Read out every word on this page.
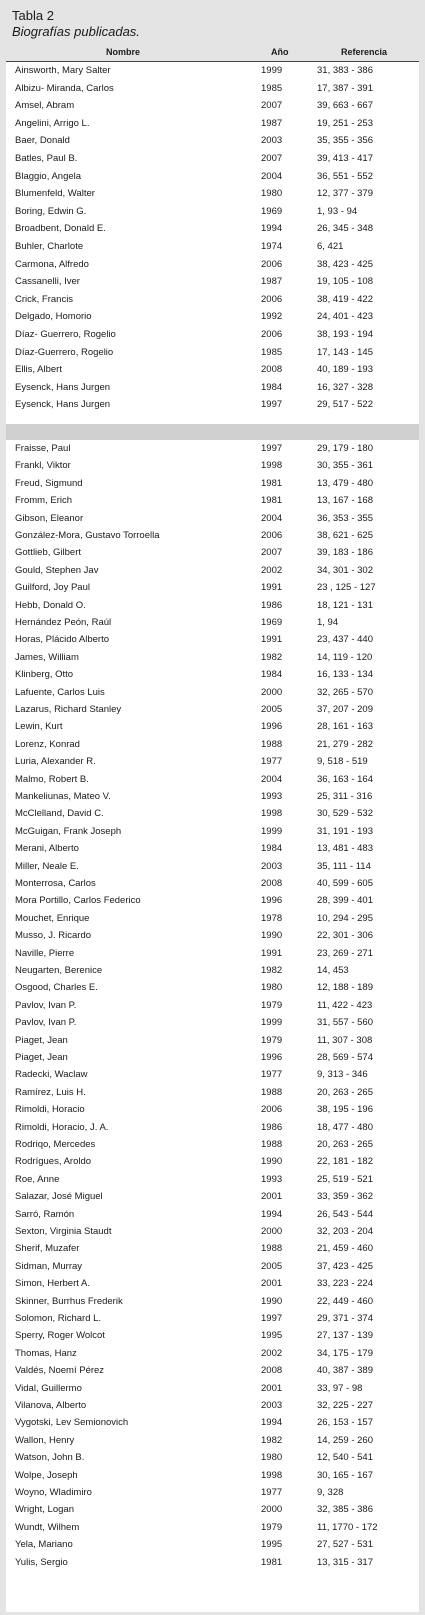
Tabla 2
Biografías publicadas.
Nombre	Año	Referencia
Ainsworth, Mary Salter	1999	31, 383 - 386
Albizu- Miranda, Carlos	1985	17, 387 - 391
Amsel, Abram	2007	39, 663 - 667
Angelini, Arrigo L.	1987	19, 251 - 253
Baer, Donald	2003	35, 355 - 356
Batles, Paul B.	2007	39, 413 - 417
Blaggio, Angela	2004	36, 551 - 552
Blumenfeld, Walter	1980	12, 377 - 379
Boring, Edwin G.	1969	1, 93 - 94
Broadbent, Donald E.	1994	26, 345 - 348
Buhler, Charlote	1974	6, 421
Carmona, Alfredo	2006	38, 423 - 425
Cassanelli, Iver	1987	19, 105 - 108
Crick, Francis	2006	38, 419 - 422
Delgado, Homorio	1992	24, 401 - 423
Díaz- Guerrero, Rogelio	2006	38, 193 - 194
Díaz-Guerrero, Rogelio	1985	17, 143 - 145
Ellis, Albert	2008	40, 189 - 193
Eysenck, Hans Jurgen	1984	16, 327 - 328
Eysenck, Hans Jurgen	1997	29, 517 - 522
Fraisse, Paul	1997	29, 179 - 180
Frankl, Viktor	1998	30, 355 - 361
Freud, Sigmund	1981	13, 479 - 480
Fromm, Erich	1981	13, 167 - 168
Gibson, Eleanor	2004	36, 353 - 355
González-Mora, Gustavo Torroella	2006	38, 621 - 625
Gottlieb, Gilbert	2007	39, 183 - 186
Gould, Stephen Jav	2002	34, 301 - 302
Guilford, Joy Paul	1991	23 , 125 - 127
Hebb, Donald O.	1986	18, 121 - 131
Hernández Peón, Raúl	1969	1, 94
Horas, Plácido Alberto	1991	23, 437 - 440
James, William	1982	14, 119 - 120
Klinberg, Otto	1984	16, 133 - 134
Lafuente, Carlos Luis	2000	32, 265 - 570
Lazarus, Richard Stanley	2005	37, 207 - 209
Lewin, Kurt	1996	28, 161 - 163
Lorenz, Konrad	1988	21, 279 - 282
Luria, Alexander R.	1977	9, 518 - 519
Malmo, Robert B.	2004	36, 163 - 164
Mankeliunas, Mateo V.	1993	25, 311 - 316
McClelland, David C.	1998	30, 529 - 532
McGuigan, Frank Joseph	1999	31, 191 - 193
Merani, Alberto	1984	13, 481 - 483
Miller, Neale E.	2003	35, 111 - 114
Monterrosa, Carlos	2008	40, 599 - 605
Mora Portillo, Carlos Federico	1996	28, 399 - 401
Mouchet, Enrique	1978	10, 294 - 295
Musso, J. Ricardo	1990	22, 301 - 306
Naville, Pierre	1991	23, 269 - 271
Neugarten, Berenice	1982	14, 453
Osgood, Charles E.	1980	12, 188 - 189
Pavlov, Ivan P.	1979	11, 422 - 423
Pavlov, Ivan P.	1999	31, 557 - 560
Piaget, Jean	1979	11, 307 - 308
Piaget, Jean	1996	28, 569 - 574
Radecki, Waclaw	1977	9, 313 - 346
Ramírez, Luis H.	1988	20, 263 - 265
Rimoldi, Horacio	2006	38, 195 - 196
Rimoldi, Horacio, J. A.	1986	18, 477 - 480
Rodriqo, Mercedes	1988	20, 263 - 265
Rodrígues, Aroldo	1990	22, 181 - 182
Roe, Anne	1993	25, 519 - 521
Salazar, José Miguel	2001	33, 359 - 362
Sarró, Ramón	1994	26, 543 - 544
Sexton, Virginia Staudt	2000	32, 203 - 204
Sherif, Muzafer	1988	21, 459 - 460
Sidman, Murray	2005	37, 423 - 425
Simon, Herbert A.	2001	33, 223 - 224
Skinner, Burrhus Frederik	1990	22, 449 - 460
Solomon, Richard L.	1997	29, 371 - 374
Sperry, Roger Wolcot	1995	27, 137 - 139
Thomas, Hanz	2002	34, 175 - 179
Valdés, Noemí Pérez	2008	40, 387 - 389
Vidal, Guillermo	2001	33, 97 - 98
Vilanova, Alberto	2003	32, 225 - 227
Vygotski, Lev Semionovich	1994	26, 153 - 157
Wallon, Henry	1982	14, 259 - 260
Watson, John B.	1980	12, 540 - 541
Wolpe, Joseph	1998	30, 165 - 167
Woyno, Wladimiro	1977	9, 328
Wright, Logan	2000	32, 385 - 386
Wundt, Wilhem	1979	11, 1770 - 172
Yela, Mariano	1995	27, 527 - 531
Yulis, Sergio	1981	13, 315 - 317
